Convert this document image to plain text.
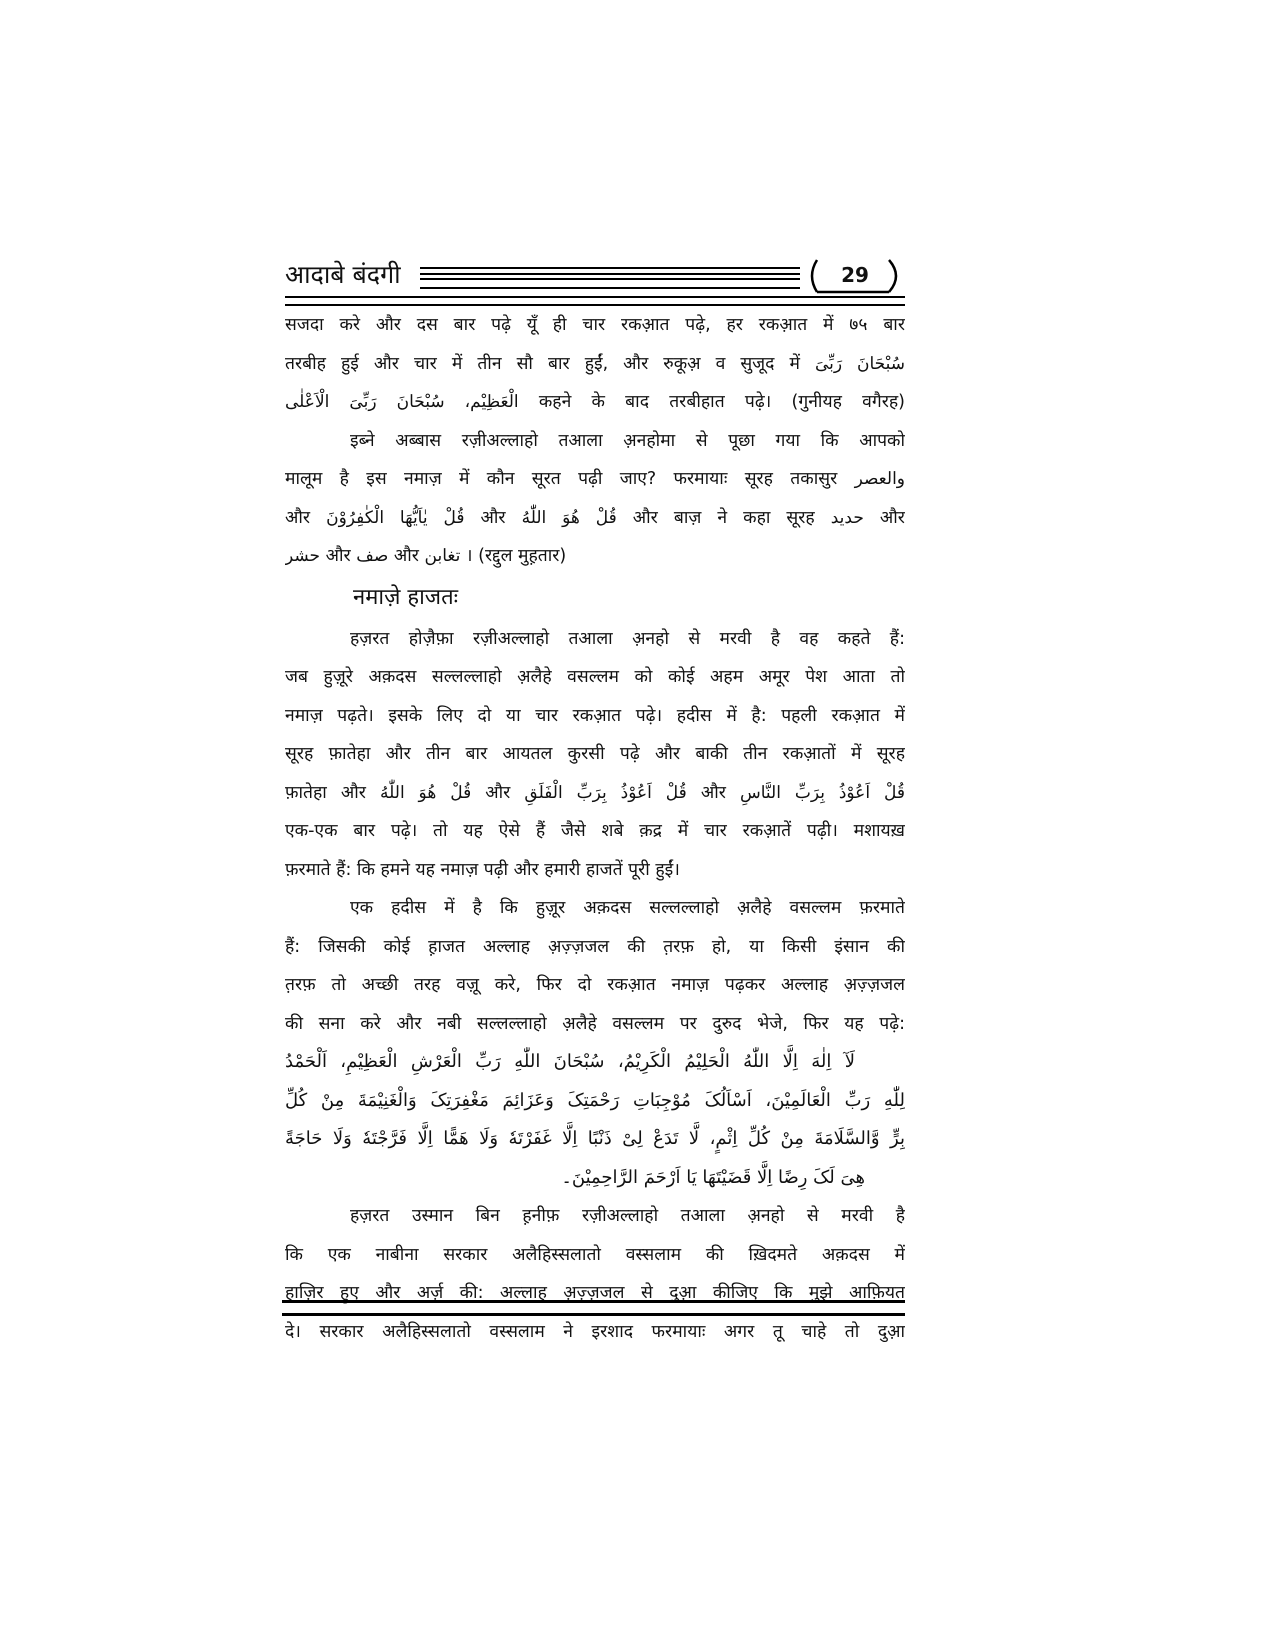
आदाबे बंदगी	29
सजदा करे और दस बार पढ़े यूँ ही चार रकअ़ात पढ़े, हर रकअ़ात में ७५ बार
तरबीह हुई और चार में तीन सौ बार हुईं, और रुकूअ़ व सुजूद में سُبْحَانَ رَبِّیَ
الْعَظِیْم، سُبْحَانَ رَبِّیَ الْاَعْلٰی कहने के बाद तरबीहात पढ़े। (गुनीयह वगैरह)
इब्ने अब्बास रज़ीअल्लाहो तआला अ़नहोमा से पूछा गया कि आपको
मालूम है इस नमाज़ में कौन सूरत पढ़ी जाए? फरमायाः सूरह तकासुर والعصر
और قُلْ یٰاَیُّهَا الْکٰفِرُوْنَ और قُلْ هُوَ اللّٰهُ और बाज़ ने कहा सूरह حدید और
حشر और صف और تغابن । (रद्दुल मुह़तार)
नमाज़े हाजतः
हज़रत होज़ैफ़ा रज़ीअल्लाहो तआला अ़नहो से मरवी है वह कहते हैं:
जब हुज़ूरे अक़दस सल्लल्लाहो अ़लैहे वसल्लम को कोई अहम अमूर पेश आता तो
नमाज़ पढ़ते। इसके लिए दो या चार रकअ़ात पढ़े। हदीस में है: पहली रकअ़ात में
सूरह फ़ातेहा और तीन बार आयतल कुरसी पढ़े और बाकी तीन रकअ़ातों में सूरह
फ़ातेहा और قُلْ هُوَ اللّٰهُ और قُلْ اَعُوْذُ بِرَبِّ الْفَلَقِ और قُلْ اَعُوْذُ بِرَبِّ النَّاسِ
एक-एक बार पढ़े। तो यह ऐसे हैं जैसे शबे क़द्र में चार रकअ़ातें पढ़ी। मशायख़
फ़रमाते हैं: कि हमने यह नमाज़ पढ़ी और हमारी हाजतें पूरी हुईं।
एक हदीस में है कि हुज़ूर अक़दस सल्लल्लाहो अ़लैहे वसल्लम फ़रमाते
हैं: जिसकी कोई ह़ाजत अल्लाह अ़ज़्ज़जल की त़रफ़ हो, या किसी इंसान की
त़रफ़ तो अच्छी तरह वज़ू करे, फिर दो रकअ़ात नमाज़ पढ़कर अल्लाह अ़ज़्ज़जल
की सना करे और नबी सल्लल्लाहो अ़लैहे वसल्लम पर दुरुद भेजे, फिर यह पढ़े:
لَآ اِلٰهَ اِلَّا اللّٰهُ الْحَلِیْمُ الْکَرِیْمُ، سُبْحَانَ اللّٰهِ رَبِّ الْعَرْشِ الْعَظِیْمِ، اَلْحَمْدُ
لِلّٰهِ رَبِّ الْعَالَمِیْنَ، اَسْاَلُکَ مُوْجِبَاتِ رَحْمَتِکَ وَعَزَائِمَ مَغْفِرَتِکَ وَالْغَنِیْمَةَ مِنْ کُلِّ
بِرٍّ وَّالسَّلَامَةَ مِنْ کُلِّ اِثْمٍ، لَّا تَدَعْ لِیْ ذَنْبًا اِلَّا غَفَرْتَهٗ وَلَا هَمًّا اِلَّا فَرَّجْتَهٗ وَلَا حَاجَةً
هِیَ لَکَ رِضًا اِلَّا قَضَیْتَهَا یَا اَرْحَمَ الرَّاحِمِیْنَ۔
हज़रत उस्मान बिन ह़नीफ़ रज़ीअल्लाहो तआला अ़नहो से मरवी है
कि एक नाबीना सरकार अलैहिस्सलातो वस्सलाम की ख़िदमते अक़दस में
हाज़िर हुए और अर्ज़ की: अल्लाह अ़ज़्ज़जल से दुआ़ कीजिए कि मुझे आफ़ियत
दे। सरकार अलैहिस्सलातो वस्सलाम ने इरशाद फरमायाः अगर तू चाहे तो दुआ़
